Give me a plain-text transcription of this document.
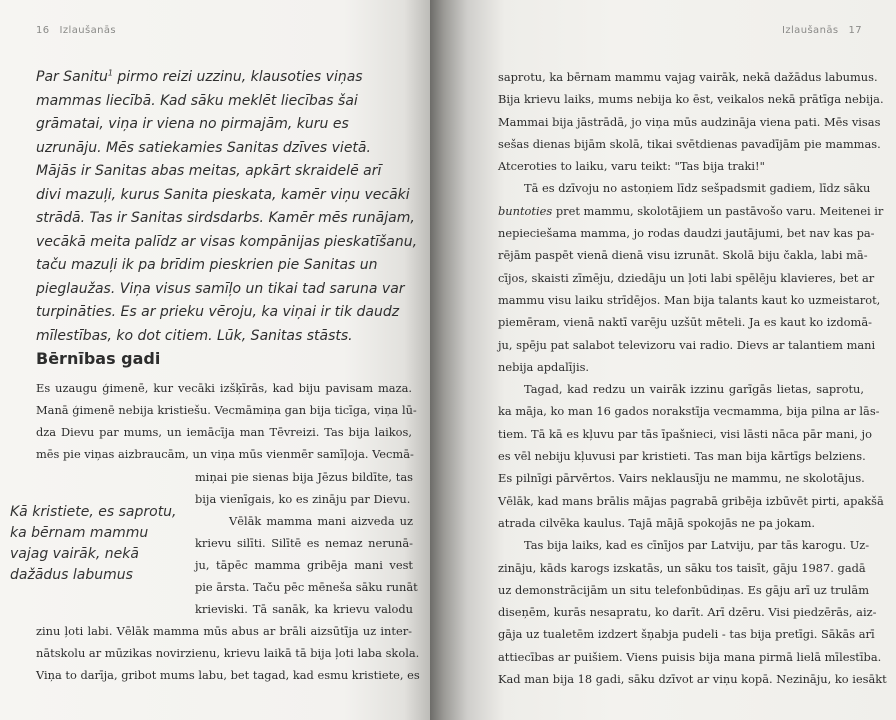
16 Izlaušanās
Par Sanitu$^1$ pirmo reizi uzzinu, klausoties viņas
mammas liecībā. Kad sāku meklēt liecības šai
grāmatai, viņa ir viena no pirmajām, kuru es
uzrunāju. Mēs satiekamies Sanitas dzīves vietā.
Mājās ir Sanitas abas meitas, apkārt skraidelē arī
divi mazuļi, kurus Sanita pieskata, kamēr viņu vecāki
strādā. Tas ir Sanitas sirdsdarbs. Kamēr mēs runājam,
vecākā meita palīdz ar visas kompānijas pieskatīšanu,
taču mazuļi ik pa brīdim pieskrien pie Sanitas un
pieglaužas. Viņa visus samīļo un tikai tad saruna var
turpināties. Es ar prieku vēroju, ka viņai ir tik daudz
mīlestības, ko dot citiem. Lūk, Sanitas stāsts.
Bērnības gadi
Es uzaugu ģimenē, kur vecāki izšķīrās, kad biju pavisam maza.
Manā ģimenē nebija kristiešu. Vecmāmiņa gan bija ticīga, viņa lū-
dza Dievu par mums, un iemācīja man Tēvreizi. Tas bija laikos,
mēs pie viņas aizbraucām, un viņa mūs vienmēr samīļoja. Vecmā-
miņai pie sienas bija Jēzus bildīte, tas
bija vienīgais, ko es zināju par Dievu.
Vēlāk mamma mani aizveda uz
krievu silīti. Silītē es nemaz nerunā-
ju, tāpēc mamma gribēja mani vest
pie ārsta. Taču pēc mēneša sāku runāt
krieviski. Tā sanāk, ka krievu valodu
zinu ļoti labi. Vēlāk mamma mūs abus ar brāli aizsūtīja uz inter-
nātskolu ar mūzikas novirzienu, krievu laikā tā bija ļoti laba skola.
Viņa to darīja, gribot mums labu, bet tagad, kad esmu kristiete, es
Kā kristiete, es saprotu,
ka bērnam mammu
vajag vairāk, nekā
dažādus labumus
Izlaušanās 17
saprotu, ka bērnam mammu vajag vairāk, nekā dažādus labumus.
Bija krievu laiks, mums nebija ko ēst, veikalos nekā prātīga nebija.
Mammai bija jāstrādā, jo viņa mūs audzināja viena pati. Mēs visas
sešas dienas bijām skolā, tikai svētdienas pavadījām pie mammas.
Atceroties to laiku, varu teikt: "Tas bija traki!"
Tā es dzīvoju no astoņiem līdz sešpadsmit gadiem, līdz sāku
buntoties pret mammu, skolotājiem un pastāvošo varu. Meitenei ir
nepieciešama mamma, jo rodas daudzi jautājumi, bet nav kas pa-
rējām paspēt vienā dienā visu izrunāt. Skolā biju čakla, labi mā-
cījos, skaisti zīmēju, dziedāju un ļoti labi spēlēju klavieres, bet ar
mammu visu laiku strīdējos. Man bija talants kaut ko uzmeistarot,
piemēram, vienā naktī varēju uzšūt mēteli. Ja es kaut ko izdomā-
ju, spēju pat salabot televizoru vai radio. Dievs ar talantiem mani
nebija apdalījis.
Tagad, kad redzu un vairāk izzinu garīgās lietas, saprotu,
ka māja, ko man 16 gados norakstīja vecmamma, bija pilna ar lās-
tiem. Tā kā es kļuvu par tās īpašnieci, visi lāsti nāca pār mani, jo
es vēl nebiju kļuvusi par kristieti. Tas man bija kārtīgs belziens.
Es pilnīgi pārvērtos. Vairs neklausīju ne mammu, ne skolotājus.
Vēlāk, kad mans brālis mājas pagrabā gribēja izbūvēt pirti, apakšā
atrada cilvēka kaulus. Tajā mājā spokojās ne pa jokam.
Tas bija laiks, kad es cīnījos par Latviju, par tās karogu. Uz-
zināju, kāds karogs izskatās, un sāku tos taisīt, gāju 1987. gadā
uz demonstrācijām un situ telefonbūdiņas. Es gāju arī uz trulām
diseņēm, kurās nesapratu, ko darīt. Arī dzēru. Visi piedzērās, aiz-
gāja uz tualetēm izdzert šņabja pudeli - tas bija pretīgi. Sākās arī
attiecības ar puišiem. Viens puisis bija mana pirmā lielā mīlestība.
Kad man bija 18 gadi, sāku dzīvot ar viņu kopā. Nezināju, ko iesākt
